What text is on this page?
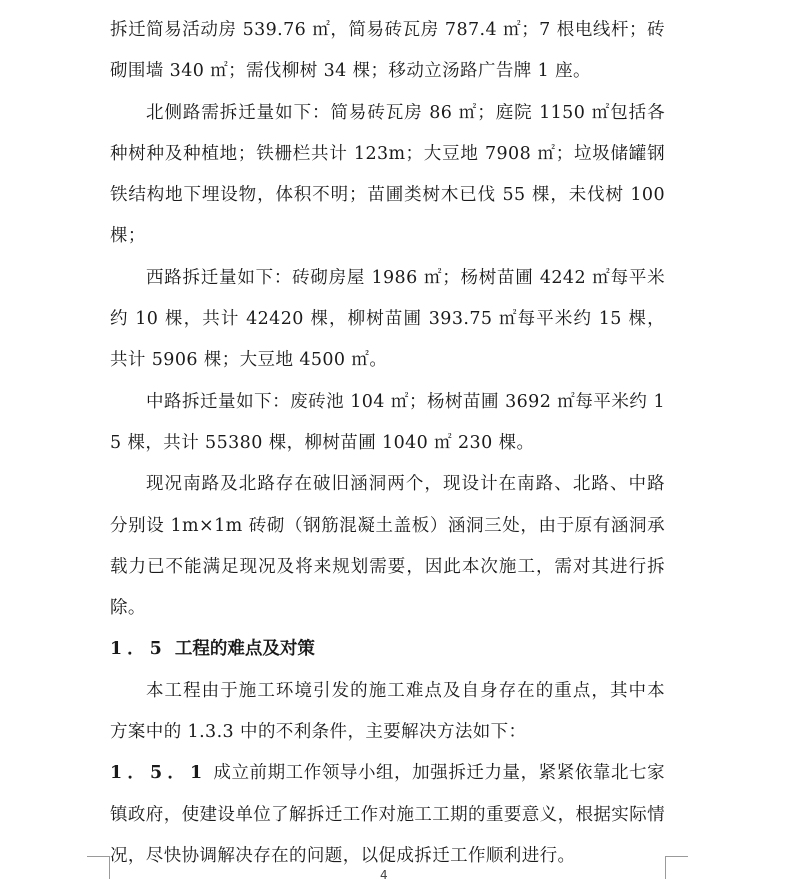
拆迁简易活动房 539.76 ㎡，简易砖瓦房 787.4 ㎡；7 根电线杆；砖砌围墙 340 ㎡；需伐柳树 34 棵；移动立汤路广告牌 1 座。

北侧路需拆迁量如下：简易砖瓦房 86 ㎡；庭院 1150 ㎡包括各种树种及种植地；铁栅栏共计 123m；大豆地 7908 ㎡；垃圾储罐钢铁结构地下埋设物，体积不明；苗圃类树木已伐 55 棵，未伐树 100 棵；

西路拆迁量如下：砖砌房屋 1986 ㎡；杨树苗圃 4242 ㎡每平米约 10 棵，共计 42420 棵，柳树苗圃 393.75 ㎡每平米约 15 棵，共计 5906 棵；大豆地 4500 ㎡。

中路拆迁量如下：废砖池 104 ㎡；杨树苗圃 3692 ㎡每平米约 15 棵，共计 55380 棵，柳树苗圃 1040 ㎡ 230 棵。

现况南路及北路存在破旧涵洞两个，现设计在南路、北路、中路分别设 1m×1m 砖砌（钢筋混凝土盖板）涵洞三处，由于原有涵洞承载力已不能满足现况及将来规划需要，因此本次施工，需对其进行拆除。

1．5 工程的难点及对策

本工程由于施工环境引发的施工难点及自身存在的重点，其中本方案中的 1.3.3 中的不利条件，主要解决方法如下：

1．5．1 成立前期工作领导小组，加强拆迁力量，紧紧依靠北七家镇政府，使建设单位了解拆迁工作对施工工期的重要意义，根据实际情况，尽快协调解决存在的问题，以促成拆迁工作顺利进行。

4
